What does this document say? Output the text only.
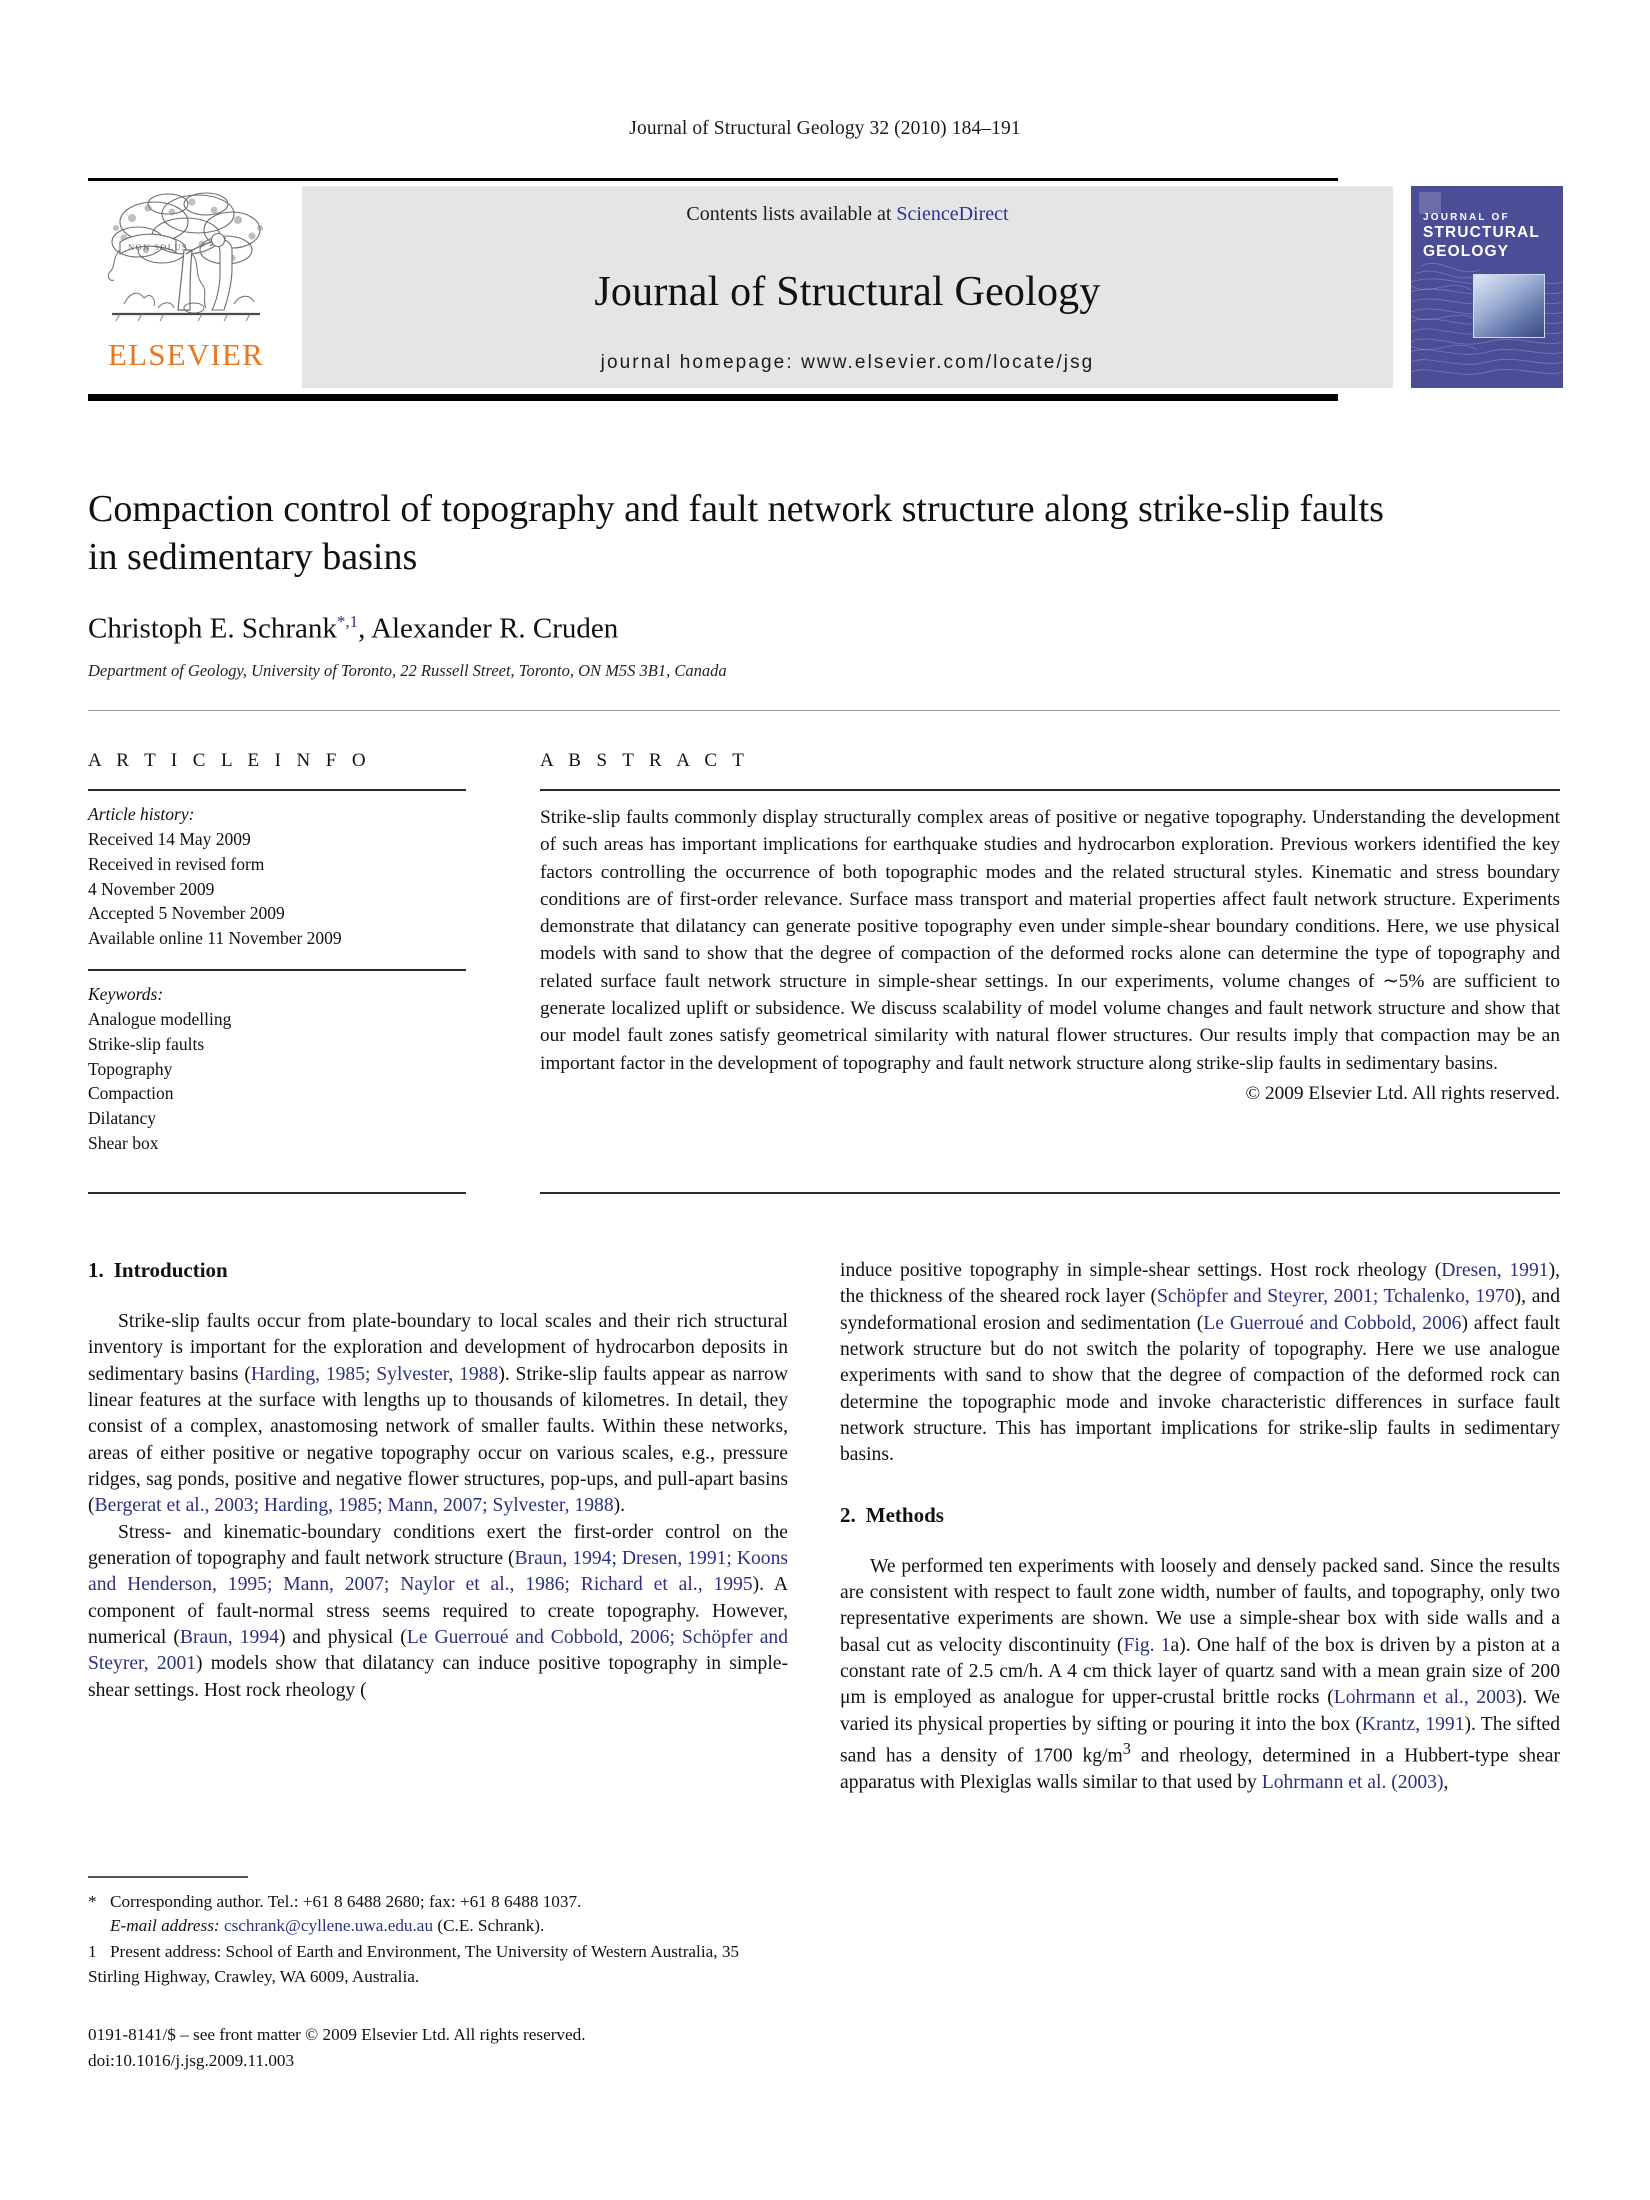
Journal of Structural Geology 32 (2010) 184–191
NON SOLUS
ELSEVIER
Contents lists available at ScienceDirect
Journal of Structural Geology
journal homepage: www.elsevier.com/locate/jsg
JOURNAL OF
STRUCTURAL
GEOLOGY
Compaction control of topography and fault network structure along strike-slip faults in sedimentary basins
Christoph E. Schrank$^{*,1}$, Alexander R. Cruden
Department of Geology, University of Toronto, 22 Russell Street, Toronto, ON M5S 3B1, Canada
A R T I C L E I N F O
Article history:
Received 14 May 2009
Received in revised form
4 November 2009
Accepted 5 November 2009
Available online 11 November 2009
Keywords:
Analogue modelling
Strike-slip faults
Topography
Compaction
Dilatancy
Shear box
A B S T R A C T
Strike-slip faults commonly display structurally complex areas of positive or negative topography. Understanding the development of such areas has important implications for earthquake studies and hydrocarbon exploration. Previous workers identified the key factors controlling the occurrence of both topographic modes and the related structural styles. Kinematic and stress boundary conditions are of first-order relevance. Surface mass transport and material properties affect fault network structure. Experiments demonstrate that dilatancy can generate positive topography even under simple-shear boundary conditions. Here, we use physical models with sand to show that the degree of compaction of the deformed rocks alone can determine the type of topography and related surface fault network structure in simple-shear settings. In our experiments, volume changes of ∼5% are sufficient to generate localized uplift or subsidence. We discuss scalability of model volume changes and fault network structure and show that our model fault zones satisfy geometrical similarity with natural flower structures. Our results imply that compaction may be an important factor in the development of topography and fault network structure along strike-slip faults in sedimentary basins.
© 2009 Elsevier Ltd. All rights reserved.
1. Introduction

Strike-slip faults occur from plate-boundary to local scales and their rich structural inventory is important for the exploration and development of hydrocarbon deposits in sedimentary basins (Harding, 1985; Sylvester, 1988). Strike-slip faults appear as narrow linear features at the surface with lengths up to thousands of kilometres. In detail, they consist of a complex, anastomosing network of smaller faults. Within these networks, areas of either positive or negative topography occur on various scales, e.g., pressure ridges, sag ponds, positive and negative flower structures, pop-ups, and pull-apart basins (Bergerat et al., 2003; Harding, 1985; Mann, 2007; Sylvester, 1988).

Stress- and kinematic-boundary conditions exert the first-order control on the generation of topography and fault network structure (Braun, 1994; Dresen, 1991; Koons and Henderson, 1995; Mann, 2007; Naylor et al., 1986; Richard et al., 1995). A component of fault-normal stress seems required to create topography. However, numerical (Braun, 1994) and physical (Le Guerroué and Cobbold, 2006; Schöpfer and Steyrer, 2001) models show that dilatancy can induce positive topography in simple-shear settings. Host rock rheology (

induce positive topography in simple-shear settings. Host rock rheology (Dresen, 1991), the thickness of the sheared rock layer (Schöpfer and Steyrer, 2001; Tchalenko, 1970), and syndeformational erosion and sedimentation (Le Guerroué and Cobbold, 2006) affect fault network structure but do not switch the polarity of topography. Here we use analogue experiments with sand to show that the degree of compaction of the deformed rock can determine the topographic mode and invoke characteristic differences in surface fault network structure. This has important implications for strike-slip faults in sedimentary basins.

2. Methods

We performed ten experiments with loosely and densely packed sand. Since the results are consistent with respect to fault zone width, number of faults, and topography, only two representative experiments are shown. We use a simple-shear box with side walls and a basal cut as velocity discontinuity (Fig. 1a). One half of the box is driven by a piston at a constant rate of 2.5 cm/h. A 4 cm thick layer of quartz sand with a mean grain size of 200 μm is employed as analogue for upper-crustal brittle rocks (Lohrmann et al., 2003). We varied its physical properties by sifting or pouring it into the box (Krantz, 1991). The sifted sand has a density of 1700 $kg/m^3$ and rheology, determined in a Hubbert-type shear apparatus with Plexiglas walls similar to that used by Lohrmann et al. (2003),

* Corresponding author. Tel.: +61 8 6488 2680; fax: +61 8 6488 1037.
E-mail address: cschrank@cyllene.uwa.edu.au (C.E. Schrank).
1 Present address: School of Earth and Environment, The University of Western Australia, 35 Stirling Highway, Crawley, WA 6009, Australia.
0191-8141/$ – see front matter © 2009 Elsevier Ltd. All rights reserved.
doi:10.1016/j.jsg.2009.11.003
